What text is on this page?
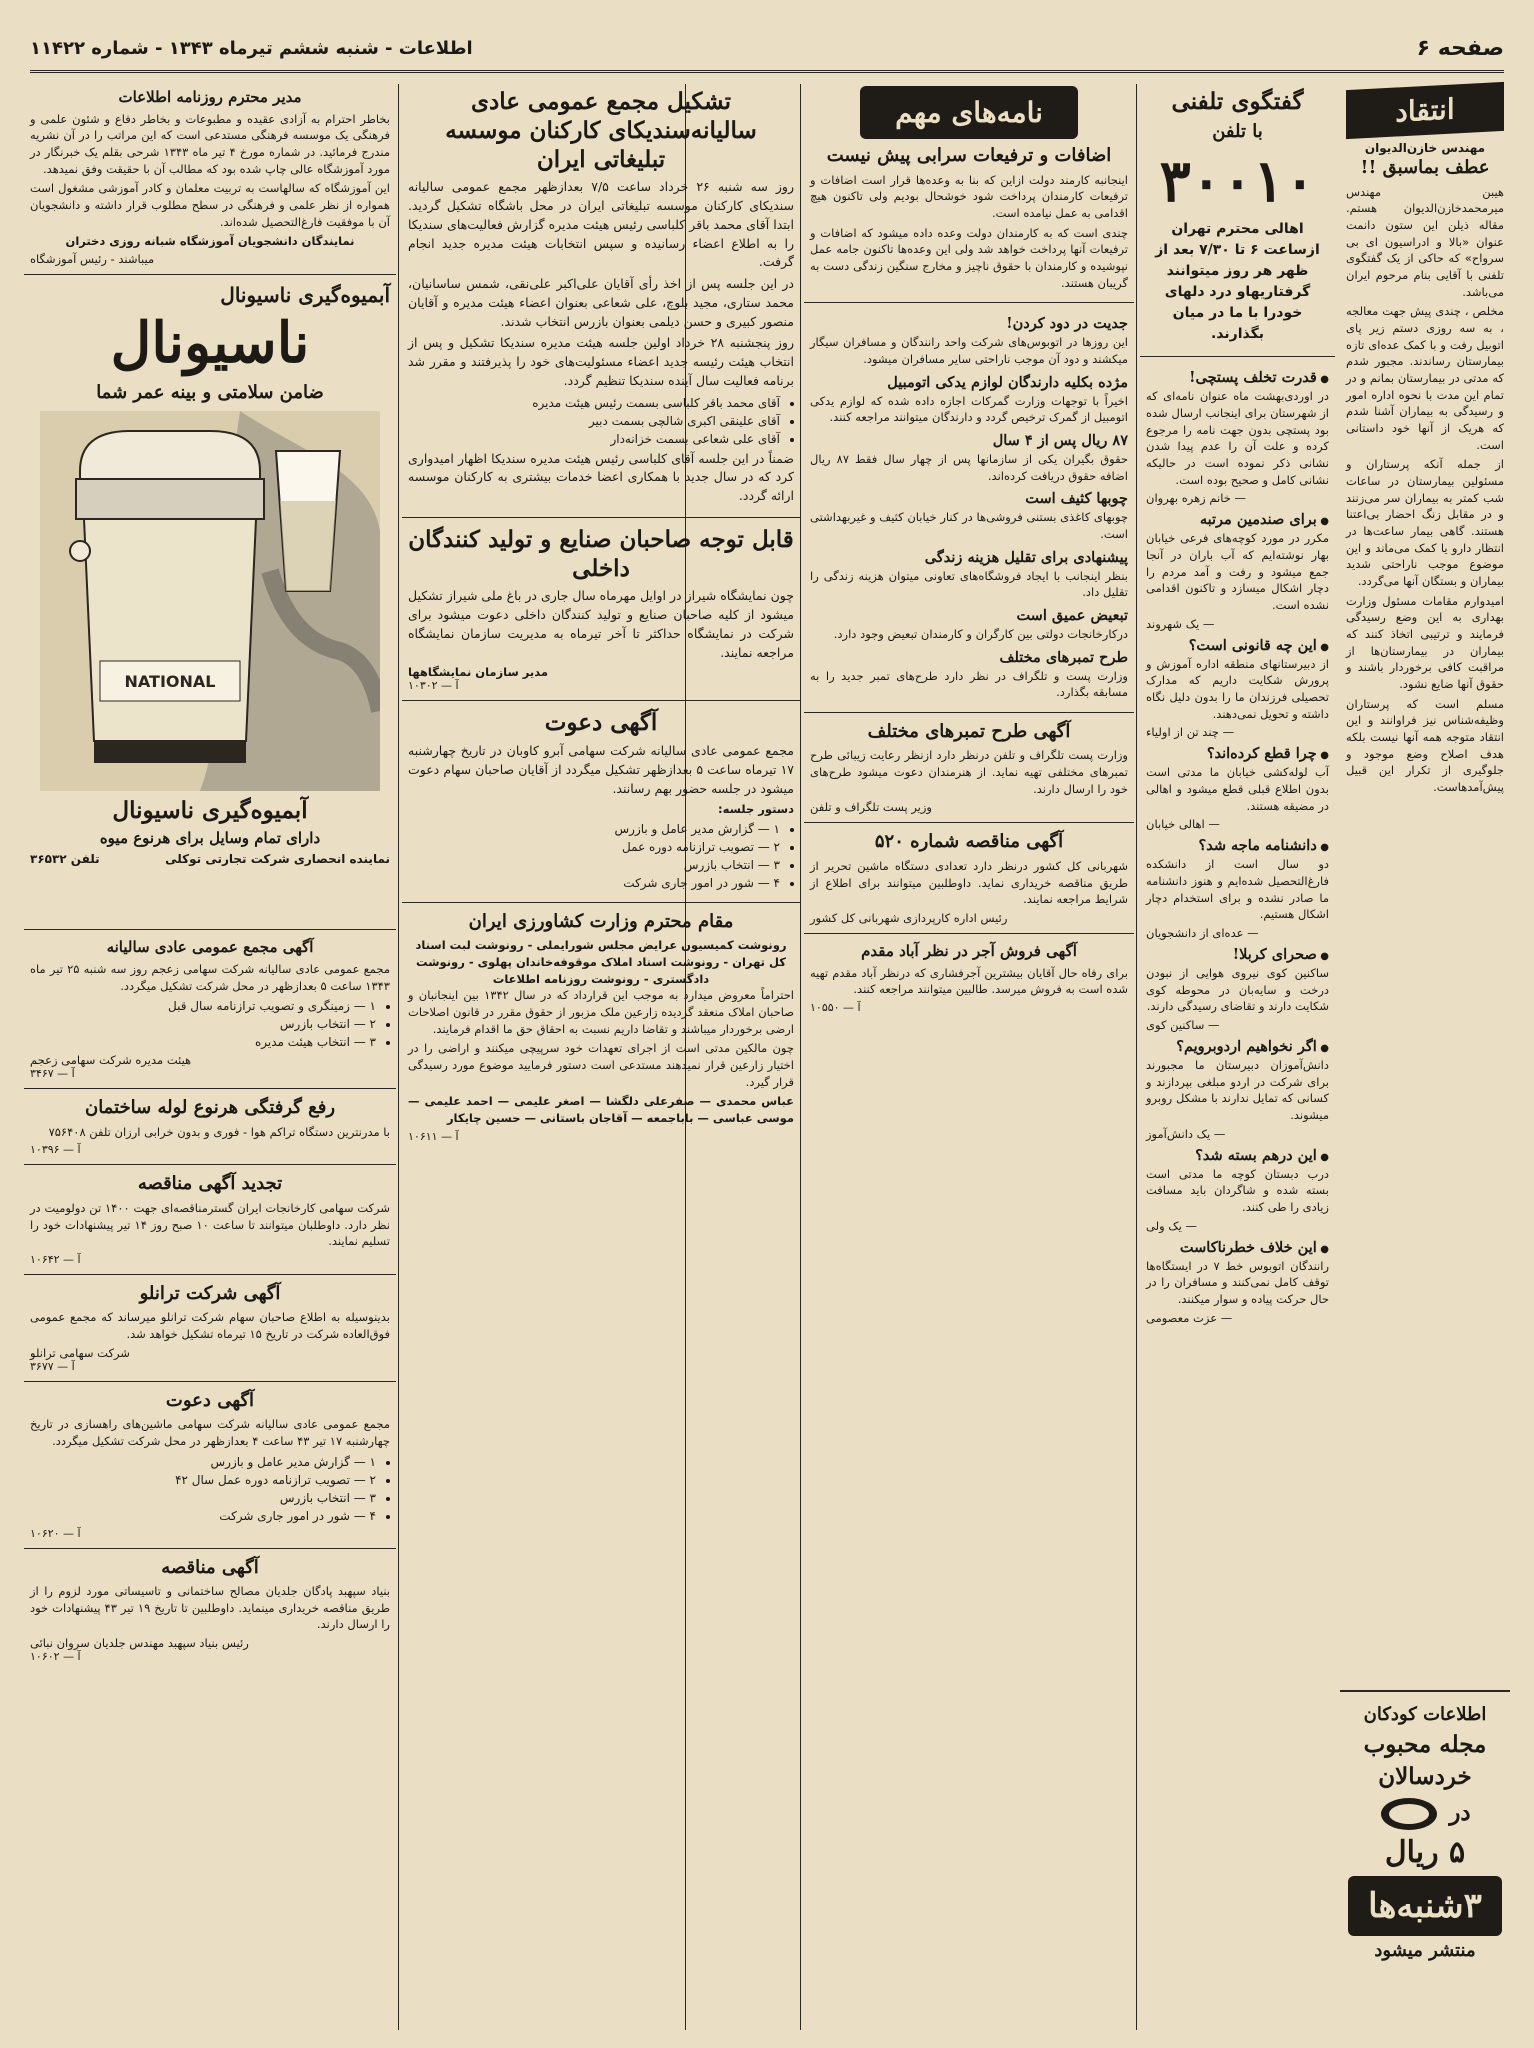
صفحه ۶
اطلاعات - شنبه ششم تیرماه ۱۳۴۳ - شماره ۱۱۴۲۲
انتقاد
مهندس خازن‌الدیوان
عطف بماسبق !!

هیبن مهندس میرمحمدخازن‌الدیوان هستم. مقاله ذیلن این ستون دانمت عنوان «بالا و ادراسیون ای بی سرواح» که حاکی از یک گفتگوی تلفنی با آقایی بنام مرحوم ایران می‌باشد.

مخلص ، چندی پیش جهت معالجه ، به سه روزی دستم زیر پای اتوبیل رفت و با کمک عده‌ای تازه بیمارستان رساندند. مجبور شدم که مدتی در بیمارستان بمانم و در تمام این مدت با نحوه اداره امور و رسیدگی به بیماران آشنا شدم که هریک از آنها خود داستانی است.

از جمله آنکه پرستاران و مسئولین بیمارستان در ساعات شب کمتر به بیماران سر می‌زنند و در مقابل زنگ احضار بی‌اعتنا هستند. گاهی بیمار ساعت‌ها در انتظار دارو یا کمک می‌ماند و این موضوع موجب ناراحتی شدید بیماران و بستگان آنها می‌گردد.

امیدوارم مقامات مسئول وزارت بهداری به این وضع رسیدگی فرمایند و ترتیبی اتخاذ کنند که بیماران در بیمارستان‌ها از مراقبت کافی برخوردار باشند و حقوق آنها ضایع نشود.

مسلم است که پرستاران وظیفه‌شناس نیز فراوانند و این انتقاد متوجه همه آنها نیست بلکه هدف اصلاح وضع موجود و جلوگیری از تکرار این قبیل پیش‌آمدهاست.

اطلاعات کودکان
مجله محبوب
خردسالان
در
۵ ریال
۳شنبه‌ها
منتشر میشود
گفتگوی تلفنی
با تلفن
۳۰۰۱۰

اهالی محترم تهران ازساعت ۶ تا ۷/۳۰ بعد از ظهر هر روز میتوانند گرفتاریهاو درد دلهای خودرا با ما در میان بگذارند.

● قدرت تخلف پستچی!

در اوردی‌بهشت ماه عنوان نامه‌ای که از شهرستان برای اینجانب ارسال شده بود پستچی بدون جهت نامه را مرجوع کرده و علت آن را عدم پیدا شدن نشانی ذکر نموده است در حالیکه نشانی کامل و صحیح بوده است.

— خانم زهره بهروان
● برای صندمین مرتبه

مکرر در مورد کوچه‌های فرعی خیابان بهار نوشته‌ایم که آب باران در آنجا جمع میشود و رفت و آمد مردم را دچار اشکال میسازد و تاکنون اقدامی نشده است.

— یک شهروند
● این چه قانونی است؟

از دبیرستانهای منطقه اداره آموزش و پرورش شکایت داریم که مدارک تحصیلی فرزندان ما را بدون دلیل نگاه داشته و تحویل نمی‌دهند.

— چند تن از اولیاء
● چرا قطع کرده‌اند؟

آب لوله‌کشی خیابان ما مدتی است بدون اطلاع قبلی قطع میشود و اهالی در مضیقه هستند.

— اهالی خیابان
● دانشنامه ماجه شد؟

دو سال است از دانشکده فارغ‌التحصیل شده‌ایم و هنوز دانشنامه ما صادر نشده و برای استخدام دچار اشکال هستیم.

— عده‌ای از دانشجویان
● صحرای کربلا!

ساکنین کوی نیروی هوایی از نبودن درخت و سایه‌بان در محوطه کوی شکایت دارند و تقاضای رسیدگی دارند.

— ساکنین کوی
● اگر نخواهیم اردوبرویم؟

دانش‌آموزان دبیرستان ما مجبورند برای شرکت در اردو مبلغی بپردازند و کسانی که تمایل ندارند با مشکل روبرو میشوند.

— یک دانش‌آموز
● این درهم بسته شد؟

درب دبستان کوچه ما مدتی است بسته شده و شاگردان باید مسافت زیادی را طی کنند.

— یک ولی
● این خلاف خطرناکاست

رانندگان اتوبوس خط ۷ در ایستگاه‌ها توقف کامل نمی‌کنند و مسافران را در حال حرکت پیاده و سوار میکنند.

— عزت معصومی
نامه‌های مهم
اضافات و ترفیعات سرابی پیش نیست

اینجانبه کارمند دولت ازاین که بنا به وعده‌ها قرار است اضافات و ترفیعات کارمندان پرداخت شود خوشحال بودیم ولی تاکنون هیچ اقدامی به عمل نیامده است.

چندی است که به کارمندان دولت وعده داده میشود که اضافات و ترفیعات آنها پرداخت خواهد شد ولی این وعده‌ها تاکنون جامه عمل نپوشیده و کارمندان با حقوق ناچیز و مخارج سنگین زندگی دست به گریبان هستند.

جدیت در دود کردن!

این روزها در اتوبوس‌های شرکت واحد رانندگان و مسافران سیگار میکشند و دود آن موجب ناراحتی سایر مسافران میشود.

مژده بکلیه دارندگان لوازم یدکی اتومبیل

اخیراً با توجهات وزارت گمرکات اجازه داده شده که لوازم یدکی اتومبیل از گمرک ترخیص گردد و دارندگان میتوانند مراجعه کنند.

۸۷ ریال پس از ۴ سال

حقوق بگیران یکی از سازمانها پس از چهار سال فقط ۸۷ ریال اضافه حقوق دریافت کرده‌اند.

چوبها کثیف است

چوبهای کاغذی بستنی فروشی‌ها در کنار خیابان کثیف و غیربهداشتی است.

پیشنهادی برای تقلیل هزینه زندگی

بنظر اینجانب با ایجاد فروشگاه‌های تعاونی میتوان هزینه زندگی را تقلیل داد.

تبعیض عمیق است

درکارخانجات دولتی بین کارگران و کارمندان تبعیض وجود دارد.

طرح تمبرهای مختلف

وزارت پست و تلگراف در نظر دارد طرح‌های تمبر جدید را به مسابقه بگذارد.

آگهی طرح تمبرهای مختلف

وزارت پست تلگراف و تلفن درنظر دارد ازنظر رعایت زیبائی طرح تمبرهای مختلفی تهیه نماید. از هنرمندان دعوت میشود طرح‌های خود را ارسال دارند.

وزیر پست تلگراف و تلفن
آگهی مناقصه شماره ۵۲۰

شهربانی کل کشور درنظر دارد تعدادی دستگاه ماشین تحریر از طریق مناقصه خریداری نماید. داوطلبین میتوانند برای اطلاع از شرایط مراجعه نمایند.

رئیس اداره کارپردازی شهربانی کل کشور
آگهی فروش آجر در نظر آباد مقدم

برای رفاه حال آقایان بیشترین آجرفشاری که درنظر آباد مقدم تهیه شده است به فروش میرسد. طالبین میتوانند مراجعه کنند.

آ — ۱۰۵۵۰
تشکیل مجمع عمومی عادی سالیانه‌سندیکای کارکنان موسسه تبلیغاتی ایران

روز سه شنبه ۲۶ خرداد ساعت ۷/۵ بعدازظهر مجمع عمومی سالیانه سندیکای کارکنان موسسه تبلیغاتی ایران در محل باشگاه تشکیل گردید. ابتدا آقای محمد باقر کلباسی رئیس هیئت مدیره گزارش فعالیت‌های سندیکا را به اطلاع اعضاء رسانیده و سپس انتخابات هیئت مدیره جدید انجام گرفت.

در این جلسه پس از اخذ رأی آقایان علی‌اکبر علی‌نقی، شمس ساسانیان، محمد ستاری، مجید بلوچ، علی شعاعی بعنوان اعضاء هیئت مدیره و آقایان منصور کبیری و حسن دیلمی بعنوان بازرس انتخاب شدند.

روز پنجشنبه ۲۸ خرداد اولین جلسه هیئت مدیره سندیکا تشکیل و پس از انتخاب هیئت رئیسه جدید اعضاء مسئولیت‌های خود را پذیرفتند و مقرر شد برنامه فعالیت سال آینده سندیکا تنظیم گردد.

• آقای محمد باقر کلباسی بسمت رئیس هیئت مدیره
• آقای علینقی اکبری شالچی بسمت دبیر
• آقای علی شعاعی بسمت خزانه‌دار

ضمناً در این جلسه آقای کلباسی رئیس هیئت مدیره سندیکا اظهار امیدواری کرد که در سال جدید با همکاری اعضا خدمات بیشتری به کارکنان موسسه ارائه گردد.

قابل توجه صاحبان صنایع و تولید کنندگان داخلی

چون نمایشگاه شیراز در اوایل مهرماه سال جاری در باغ ملی شیراز تشکیل میشود از کلیه صاحبان صنایع و تولید کنندگان داخلی دعوت میشود برای شرکت در نمایشگاه حداکثر تا آخر تیرماه به مدیریت سازمان نمایشگاه مراجعه نمایند.

مدیر سازمان نمایشگاهها
آ — ۱۰۳۰۲
آگهی دعوت

مجمع عمومی عادی سالیانه شرکت سهامی آبرو کاوبان در تاریخ چهارشنبه ۱۷ تیرماه ساعت ۵ بعدازظهر تشکیل میگردد از آقایان صاحبان سهام دعوت میشود در جلسه حضور بهم رسانند.

دستور جلسه:
• ۱ — گزارش مدیر عامل و بازرس
• ۲ — تصویب ترازنامه دوره عمل
• ۳ — انتخاب بازرس
• ۴ — شور در امور جاری شرکت
مقام محترم وزارت کشاورزی ایران
رونوشت کمیسیون عرایض مجلس شورایملی - رونوشت لبت اسناد کل تهران - رونوشت اسناد املاک موقوفه‌خاندان پهلوی - رونوشت دادگستری - رونوشت روزنامه اطلاعات

احتراماً معروض میدارد به موجب این قرارداد که در سال ۱۳۴۲ بین اینجانبان و صاحبان املاک منعقد گردیده زارعین ملک مزبور از حقوق مقرر در قانون اصلاحات ارضی برخوردار میباشند و تقاضا داریم نسبت به احقاق حق ما اقدام فرمایند.

چون مالکین مدتی است از اجرای تعهدات خود سرپیچی میکنند و اراضی را در اختیار زارعین قرار نمیدهند مستدعی است دستور فرمایید موضوع مورد رسیدگی قرار گیرد.

عباس محمدی — صفرعلی دلگشا — اصغر علیمی — احمد علیمی — موسی عباسی — باباجمعه — آقاجان باستانی — حسین چایکار

آ — ۱۰۶۱۱
مدیر محترم روزنامه اطلاعات

بخاطر احترام به آزادی عقیده و مطبوعات و بخاطر دفاع و شئون علمی و فرهنگی یک موسسه فرهنگی مستدعی است که این مراتب را در آن نشریه مندرج فرمائید. در شماره مورخ ۴ تیر ماه ۱۳۴۳ شرحی بقلم یک خبرنگار در مورد آموزشگاه عالی چاپ شده بود که مطالب آن با حقیقت وفق نمیدهد.

این آموزشگاه که سالهاست به تربیت معلمان و کادر آموزشی مشغول است همواره از نظر علمی و فرهنگی در سطح مطلوب قرار داشته و دانشجویان آن با موفقیت فارغ‌التحصیل شده‌اند.

نمایندگان دانشجویان آموزشگاه شبانه روزی دختران
میباشند - رئیس آموزشگاه
آبمیوه‌گیری ناسیونال
ناسیونال
ضامن سلامتی و بینه عمر شما
NATIONAL
آبمیوه‌گیری ناسیونال
دارای تمام وسایل برای هرنوع میوه
نماینده انحصاری شرکت تجارتی توکلی
تلفن ۳۶۵۳۲
آگهی مجمع عمومی عادی سالیانه

مجمع عمومی عادی سالیانه شرکت سهامی زعجم روز سه شنبه ۲۵ تیر ماه ۱۳۴۳ ساعت ۵ بعدازظهر در محل شرکت تشکیل میگردد.

• ۱ — زمینگری و تصویب ترازنامه سال قبل
• ۲ — انتخاب بازرس
• ۳ — انتخاب هیئت مدیره
هیئت مدیره شرکت سهامی زعجم
آ — ۳۴۶۷
رفع گرفتگی هرنوع لوله ساختمان

با مدرنترین دستگاه تراکم هوا - فوری و بدون خرابی ارزان تلفن ۷۵۶۴۰۸

آ — ۱۰۳۹۶
تجدید آگهی مناقصه

شرکت سهامی کارخانجات ایران گسترمناقصه‌ای جهت ۱۴۰۰ تن دولومیت در نظر دارد. داوطلبان میتوانند تا ساعت ۱۰ صبح روز ۱۴ تیر پیشنهادات خود را تسلیم نمایند.

آ — ۱۰۶۴۲
آگهی شرکت ترانلو

بدینوسیله به اطلاع صاحبان سهام شرکت ترانلو میرساند که مجمع عمومی فوق‌العاده شرکت در تاریخ ۱۵ تیرماه تشکیل خواهد شد.

شرکت سهامی ترانلو
آ — ۳۶۷۷
آگهی دعوت

مجمع عمومی عادی سالیانه شرکت سهامی ماشین‌های راهسازی در تاریخ چهارشنبه ۱۷ تیر ۴۳ ساعت ۴ بعدازظهر در محل شرکت تشکیل میگردد.

• ۱ — گزارش مدیر عامل و بازرس
• ۲ — تصویب ترازنامه دوره عمل سال ۴۲
• ۳ — انتخاب بازرس
• ۴ — شور در امور جاری شرکت
آ — ۱۰۶۲۰
آگهی مناقصه

بنیاد سپهبد پادگان جلدیان مصالح ساختمانی و تاسیساتی مورد لزوم را از طریق مناقصه خریداری مینماید. داوطلبین تا تاریخ ۱۹ تیر ۴۳ پیشنهادات خود را ارسال دارند.

رئیس بنیاد سپهبد مهندس جلدیان سروان نبائی
آ — ۱۰۶۰۲
